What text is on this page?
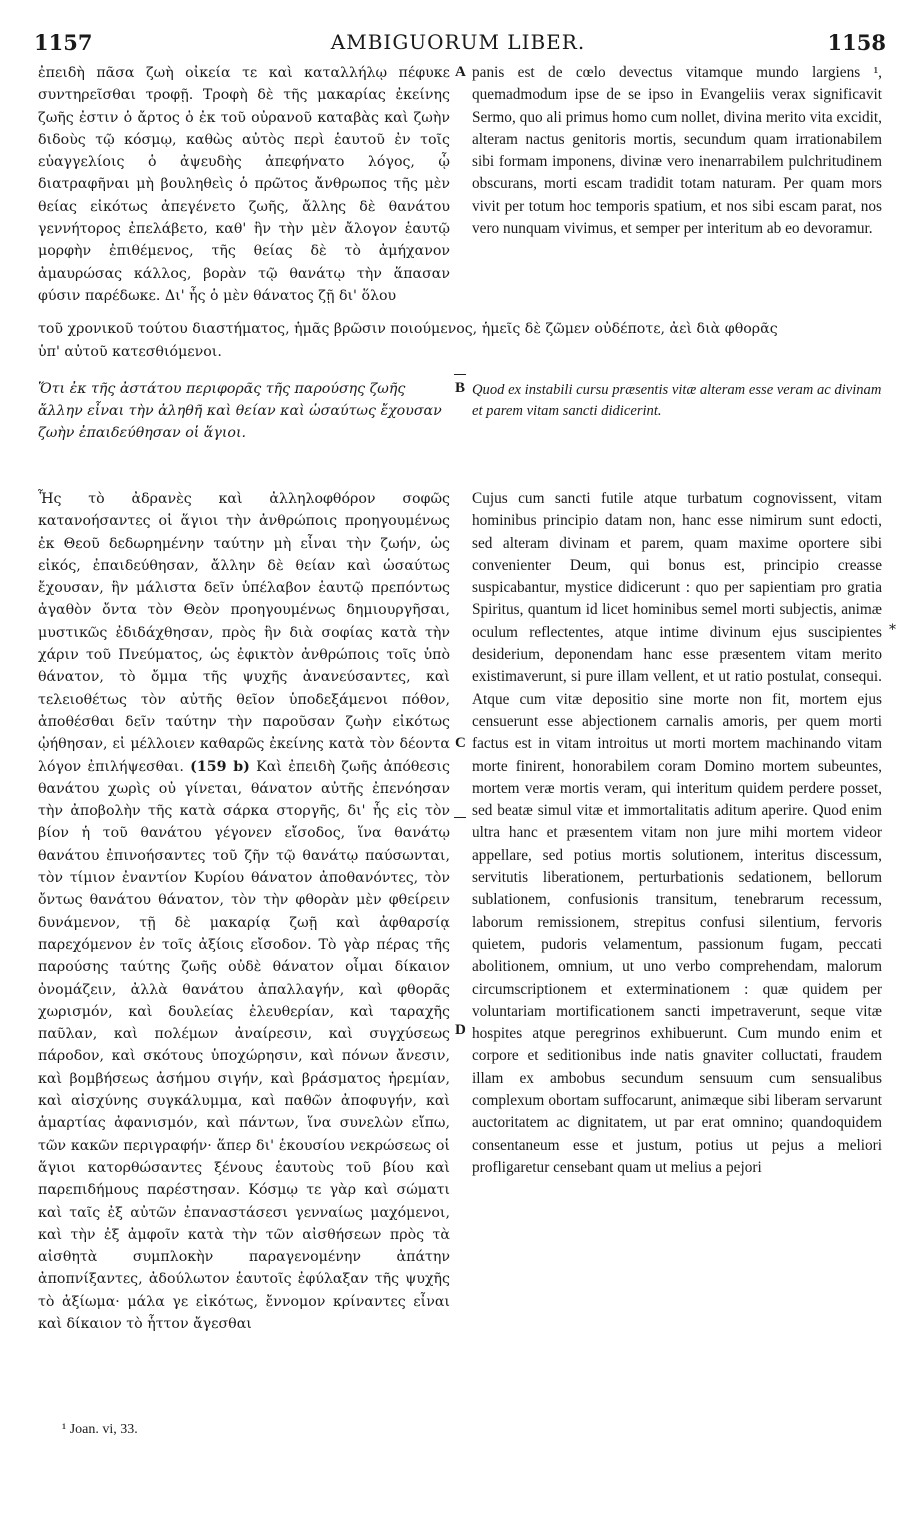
1157	AMBIGUORUM LIBER.	1158

ἐπειδὴ πᾶσα ζωὴ οἰκεία τε καὶ καταλλήλῳ πέφυκε συντηρεῖσθαι τροφῇ. Τροφὴ δὲ τῆς μακαρίας ἐκείνης ζωῆς ἐστιν ὁ ἄρτος ὁ ἐκ τοῦ οὐρανοῦ καταβὰς καὶ ζωὴν διδοὺς τῷ κόσμῳ, καθὼς αὐτὸς περὶ ἑαυτοῦ ἐν τοῖς εὐαγγελίοις ὁ ἀψευδὴς ἀπεφήνατο λόγος, ᾧ διατραφῆναι μὴ βουληθεὶς ὁ πρῶτος ἄνθρωπος τῆς μὲν θείας εἰκότως ἀπεγένετο ζωῆς, ἄλλης δὲ θανάτου γεννήτορος ἐπελάβετο, καθ' ἣν τὴν μὲν ἄλογον ἑαυτῷ μορφὴν ἐπιθέμενος, τῆς θείας δὲ τὸ ἀμήχανον ἀμαυρώσας κάλλος, βορὰν τῷ θανάτῳ τὴν ἅπασαν φύσιν παρέδωκε. Δι' ἧς ὁ μὲν θάνατος ζῇ δι' ὅλου

A panis est de cœlo devectus vitamque mundo largiens ¹, quemadmodum ipse de se ipso in Evangeliis verax significavit Sermo, quo ali primus homo cum nollet, divina merito vita excidit, alteram nactus genitoris mortis, secundum quam irrationabilem sibi formam imponens, divinæ vero inenarrabilem pulchritudinem obscurans, morti escam tradidit totam naturam. Per quam mors vivit per totum hoc temporis spatium, et nos sibi escam parat, nos vero nunquam vivimus, et semper per interitum ab eo devoramur.

τοῦ χρονικοῦ τούτου διαστήματος, ἡμᾶς βρῶσιν ποιούμενος, ἡμεῖς δὲ ζῶμεν οὐδέποτε, ἀεὶ διὰ φθορᾶς
ὑπ' αὐτοῦ κατεσθιόμενοι.
Ὅτι ἐκ τῆς ἀστάτου περιφορᾶς τῆς παρούσης ζωῆς ἄλλην εἶναι τὴν ἀληθῆ καὶ θείαν καὶ ὡσαύτως ἔχουσαν ζωὴν ἐπαιδεύθησαν οἱ ἅγιοι.
B Quod ex instabili cursu præsentis vitæ alteram esse veram ac divinam et parem vitam sancti didicerint.

Ἧς τὸ ἀδρανὲς καὶ ἀλληλοφθόρον σοφῶς κατανοήσαντες οἱ ἅγιοι τὴν ἀνθρώποις προηγουμένως ἐκ Θεοῦ δεδωρημένην ταύτην μὴ εἶναι τὴν ζωήν, ὡς εἰκός, ἐπαιδεύθησαν, ἄλλην δὲ θείαν καὶ ὡσαύτως ἔχουσαν, ἣν μάλιστα δεῖν ὑπέλαβον ἑαυτῷ πρεπόντως ἀγαθὸν ὄντα τὸν Θεὸν προηγουμένως δημιουργῆσαι, μυστικῶς ἐδιδάχθησαν, πρὸς ἣν διὰ σοφίας κατὰ τὴν χάριν τοῦ Πνεύματος, ὡς ἐφικτὸν ἀνθρώποις τοῖς ὑπὸ θάνατον, τὸ ὄμμα τῆς ψυχῆς ἀνανεύσαντες, καὶ τελειοθέτως τὸν αὐτῆς θεῖον ὑποδεξάμενοι πόθον, ἀποθέσθαι δεῖν ταύτην τὴν παροῦσαν ζωὴν εἰκότως ᾠήθησαν, εἰ μέλλοιεν καθαρῶς ἐκείνης κατὰ τὸν δέοντα λόγον ἐπιλήψεσθαι. (159 b) Καὶ ἐπειδὴ ζωῆς ἀπόθεσις θανάτου χωρὶς οὐ γίνεται, θάνατον αὐτῆς ἐπενόησαν τὴν ἀποβολὴν τῆς κατὰ σάρκα στοργῆς, δι' ἧς εἰς τὸν βίον ἡ τοῦ θανάτου γέγονεν εἴσοδος, ἵνα θανάτῳ θανάτου ἐπινοήσαντες τοῦ ζῆν τῷ θανάτῳ παύσωνται, τὸν τίμιον ἐναντίον Κυρίου θάνατον ἀποθανόντες, τὸν ὄντως θανάτου θάνατον, τὸν τὴν φθορὰν μὲν φθείρειν δυνάμενον, τῇ δὲ μακαρίᾳ ζωῇ καὶ ἀφθαρσίᾳ παρεχόμενον ἐν τοῖς ἀξίοις εἴσοδον. Τὸ γὰρ πέρας τῆς παρούσης ταύτης ζωῆς οὐδὲ θάνατον οἶμαι δίκαιον ὀνομάζειν, ἀλλὰ θανάτου ἀπαλλαγήν, καὶ φθορᾶς χωρισμόν, καὶ δουλείας ἐλευθερίαν, καὶ ταραχῆς παῦλαν, καὶ πολέμων ἀναίρεσιν, καὶ συγχύσεως πάροδον, καὶ σκότους ὑποχώρησιν, καὶ πόνων ἄνεσιν, καὶ βομβήσεως ἀσήμου σιγήν, καὶ βράσματος ἠρεμίαν, καὶ αἰσχύνης συγκάλυμμα, καὶ παθῶν ἀποφυγήν, καὶ ἁμαρτίας ἀφανισμόν, καὶ πάντων, ἵνα συνελὼν εἴπω, τῶν κακῶν περιγραφήν· ἅπερ δι' ἑκουσίου νεκρώσεως οἱ ἅγιοι κατορθώσαντες ξένους ἑαυτοὺς τοῦ βίου καὶ παρεπιδήμους παρέστησαν. Κόσμῳ τε γὰρ καὶ σώματι καὶ ταῖς ἐξ αὐτῶν ἐπαναστάσεσι γενναίως μαχόμενοι, καὶ τὴν ἐξ ἀμφοῖν κατὰ τὴν τῶν αἰσθήσεων πρὸς τὰ αἰσθητὰ συμπλοκὴν παραγενομένην ἀπάτην ἀποπνίξαντες, ἀδούλωτον ἑαυτοῖς ἐφύλαξαν τῆς ψυχῆς τὸ ἀξίωμα· μάλα γε εἰκότως, ἔννομον κρίναντες εἶναι καὶ δίκαιον τὸ ἧττον ἄγεσθαι

C
D

Cujus cum sancti futile atque turbatum cognovissent, vitam hominibus principio datam non, hanc esse nimirum sunt edocti, sed alteram divinam et parem, quam maxime oportere sibi convenienter Deum, qui bonus est, principio creasse suspicabantur, mystice didicerunt : quo per sapientiam pro gratia Spiritus, quantum id licet hominibus semel morti subjectis, animæ oculum reflectentes, atque intime divinum ejus suscipientes desiderium, deponendam hanc esse præsentem vitam merito existimaverunt, si pure illam vellent, et ut ratio postulat, consequi. Atque cum vitæ depositio sine morte non fit, mortem ejus censuerunt esse abjectionem carnalis amoris, per quem morti factus est in vitam introitus ut morti mortem machinando vitam morte finirent, honorabilem coram Domino mortem subeuntes, mortem veræ mortis veram, qui interitum quidem perdere posset, sed beatæ simul vitæ et immortalitatis aditum aperire. Quod enim ultra hanc et præsentem vitam non jure mihi mortem videor appellare, sed potius mortis solutionem, interitus discessum, servitutis liberationem, perturbationis sedationem, bellorum sublationem, confusionis transitum, tenebrarum recessum, laborum remissionem, strepitus confusi silentium, fervoris quietem, pudoris velamentum, passionum fugam, peccati abolitionem, omnium, ut uno verbo comprehendam, malorum circumscriptionem et exterminationem : quæ quidem per voluntariam mortificationem sancti impetraverunt, seque vitæ hospites atque peregrinos exhibuerunt. Cum mundo enim et corpore et seditionibus inde natis gnaviter colluctati, fraudem illam ex ambobus secundum sensuum cum sensualibus complexum obortam suffocarunt, animæque sibi liberam servarunt auctoritatem ac dignitatem, ut par erat omnino; quandoquidem consentaneum esse et justum, potius ut pejus a meliori profligaretur censebant quam ut melius a pejori

*
¹ Joan. vi, 33.
